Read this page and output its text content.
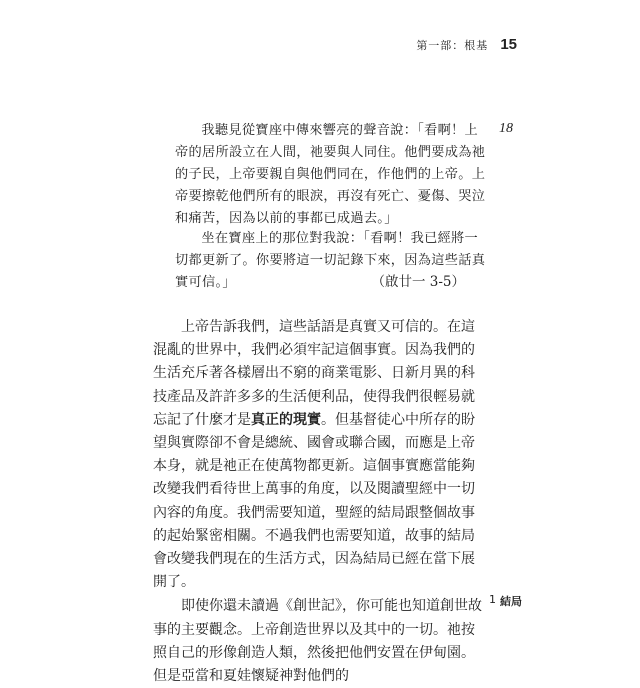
第一部：根基 15
18

我聽見從寶座中傳來響亮的聲音說：「看啊！上帝的居所設立在人間，祂要與人同住。他們要成為祂的子民，上帝要親自與他們同在，作他們的上帝。上帝要擦乾他們所有的眼淚，再沒有死亡、憂傷、哭泣和痛苦，因為以前的事都已成過去。」

坐在寶座上的那位對我說：「看啊！我已經將一切都更新了。你要將這一切記錄下來，因為這些話真實可信。」	（啟廿一 3-5）

上帝告訴我們，這些話語是真實又可信的。在這混亂的世界中，我們必須牢記這個事實。因為我們的生活充斥著各樣層出不窮的商業電影、日新月異的科技產品及許許多多的生活便利品，使得我們很輕易就忘記了什麼才是真正的現實。但基督徒心中所存的盼望與實際卻不會是總統、國會或聯合國，而應是上帝本身，就是祂正在使萬物都更新。這個事實應當能夠改變我們看待世上萬事的角度，以及閱讀聖經中一切內容的角度。我們需要知道，聖經的結局跟整個故事的起始緊密相關。不過我們也需要知道，故事的結局會改變我們現在的生活方式，因為結局已經在當下展開了。

即使你還未讀過《創世記》，你可能也知道創世故事的主要觀念。上帝創造世界以及其中的一切。祂按照自己的形像創造人類，然後把他們安置在伊甸園。但是亞當和夏娃懷疑神對他們的

1 結局
